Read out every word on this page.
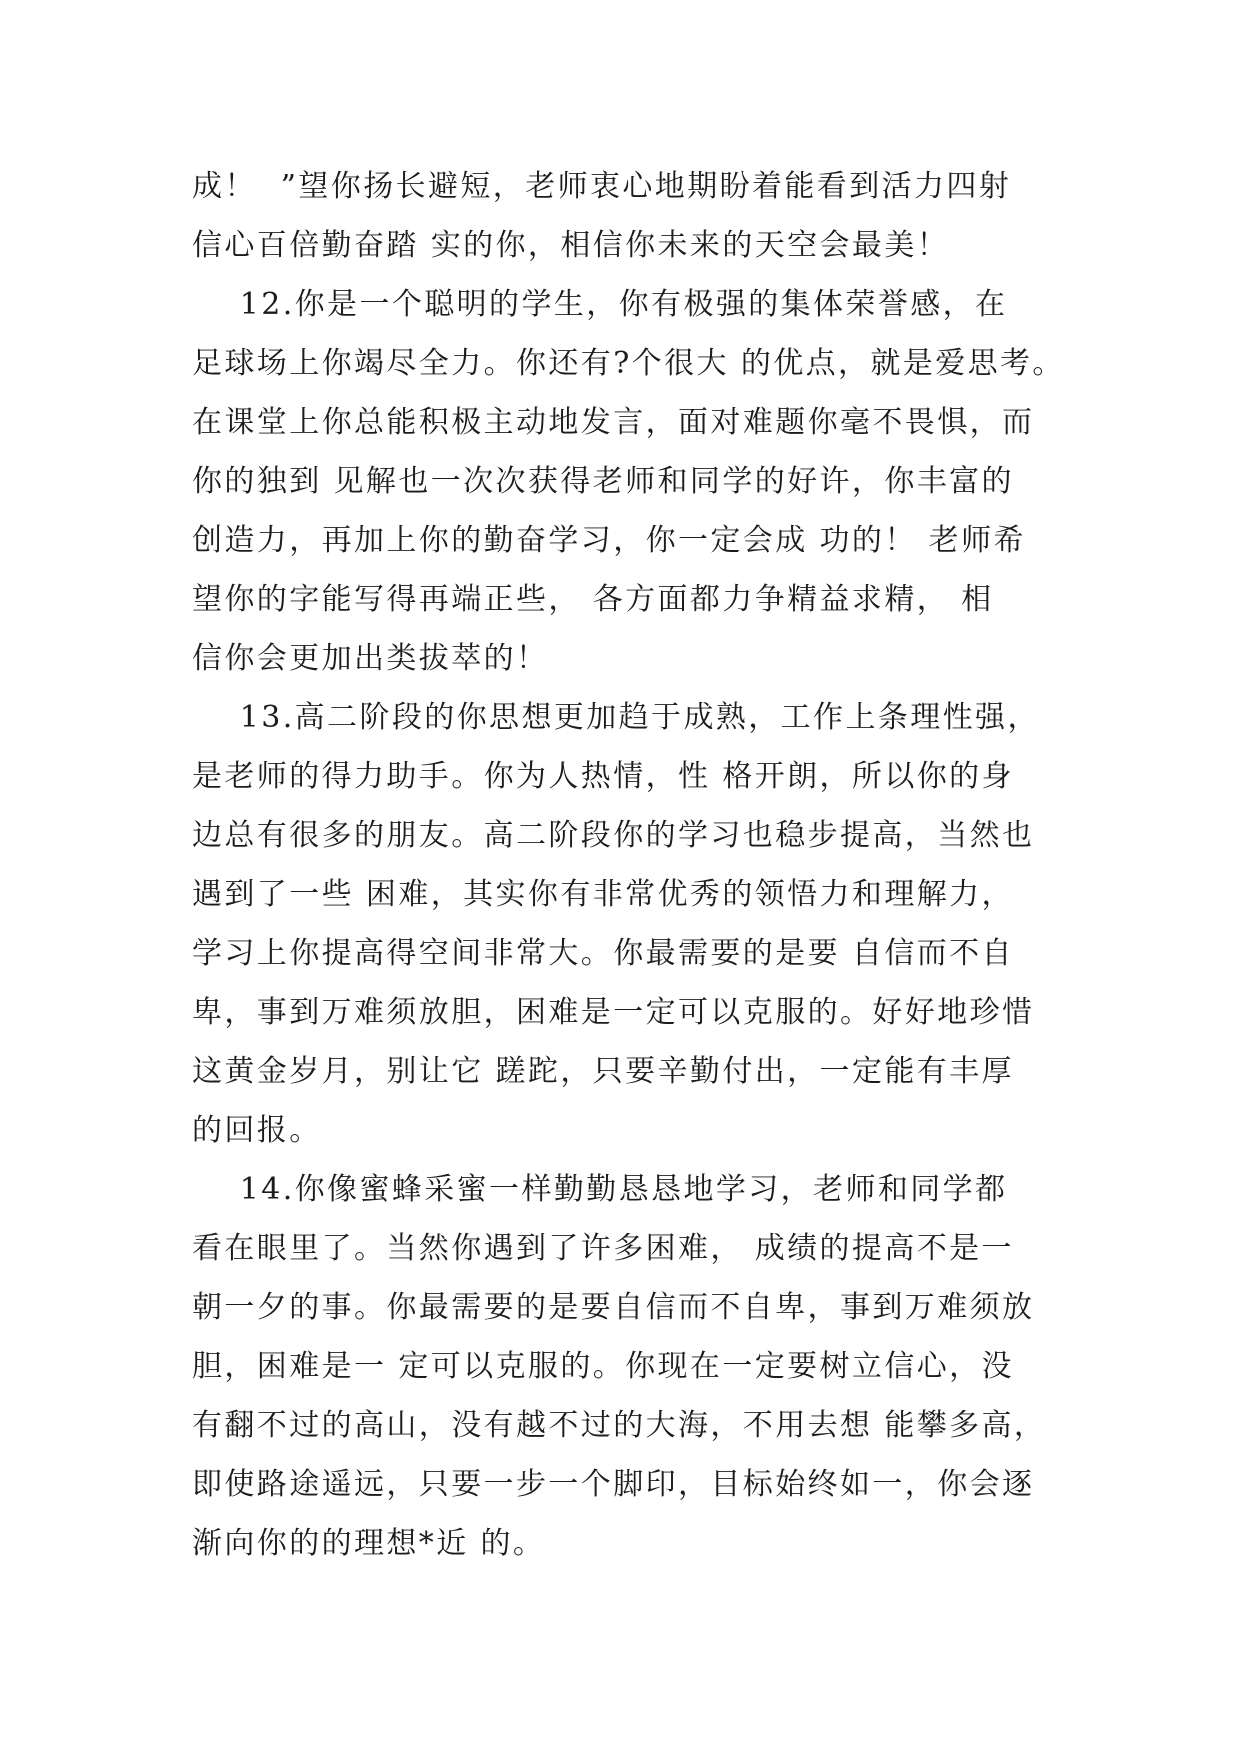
成！  ”望你扬长避短，老师衷心地期盼着能看到活力四射
信心百倍勤奋踏 实的你，相信你未来的天空会最美！
12.你是一个聪明的学生，你有极强的集体荣誉感，在
足球场上你竭尽全力。你还有?个很大 的优点，就是爱思考。
在课堂上你总能积极主动地发言，面对难题你毫不畏惧，而
你的独到 见解也一次次获得老师和同学的好许，你丰富的
创造力，再加上你的勤奋学习，你一定会成 功的！ 老师希
望你的字能写得再端正些， 各方面都力争精益求精， 相
信你会更加出类拔萃的！
13.高二阶段的你思想更加趋于成熟，工作上条理性强，
是老师的得力助手。你为人热情，性 格开朗，所以你的身
边总有很多的朋友。高二阶段你的学习也稳步提高，当然也
遇到了一些 困难，其实你有非常优秀的领悟力和理解力，
学习上你提高得空间非常大。你最需要的是要 自信而不自
卑，事到万难须放胆，困难是一定可以克服的。好好地珍惜
这黄金岁月，别让它 蹉跎，只要辛勤付出，一定能有丰厚
的回报。
14.你像蜜蜂采蜜一样勤勤恳恳地学习，老师和同学都
看在眼里了。当然你遇到了许多困难， 成绩的提高不是一
朝一夕的事。你最需要的是要自信而不自卑，事到万难须放
胆，困难是一 定可以克服的。你现在一定要树立信心，没
有翻不过的高山，没有越不过的大海，不用去想 能攀多高，
即使路途遥远，只要一步一个脚印，目标始终如一，你会逐
渐向你的的理想*近 的。
